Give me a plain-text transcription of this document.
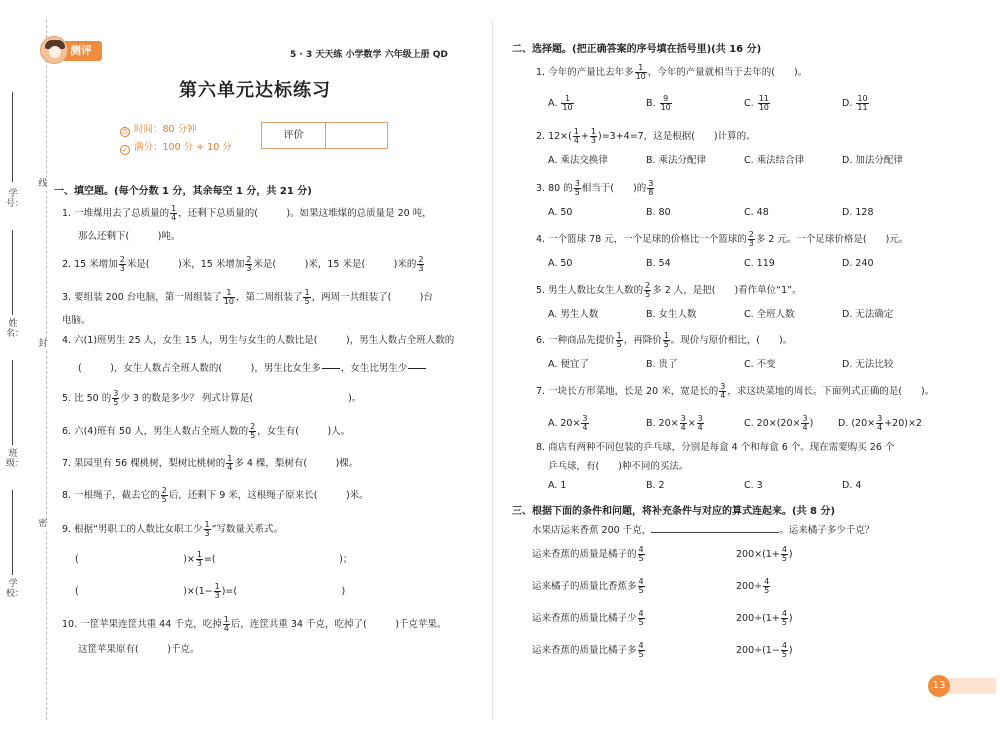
学号：
姓名：
班级：
学校：
线
封
密
测评卷
5 · 3 天天练 小学数学 六年级上册 QD
第六单元达标练习
⏱ 时间：80 分钟
✓ 满分：100 分 + 10 分
评价
一、填空题。(每个分数 1 分，其余每空 1 分，共 21 分)
1. 一堆煤用去了总质量的 $\frac{1}{4}$ ，还剩下总质量的(　　　)。如果这堆煤的总质量是 20 吨，
那么还剩下(　　　)吨。
2. 15 米增加 $\frac{2}{3}$ 米是(　　　)米，15 米增加 $\frac{2}{3}$ 米是(　　　)米，15 米是(　　　)米的 $\frac{2}{3}$
3. 要组装 200 台电脑，第一周组装了 $\frac{1}{10}$ ，第二周组装了 $\frac{1}{5}$ ，两周一共组装了(　　　)台
电脑。
4. 六(1)班男生 25 人，女生 15 人，男生与女生的人数比是(　　　)，男生人数占全班人数的
(　　　)，女生人数占全班人数的(　　　)，男生比女生多

　　 ，女生比男生少

5. 比 50 的 $\frac{3}{5}$ 少 3 的数是多少？ 列式计算是(　　　　　　　　　　)。
6. 六(4)班有 50 人，男生人数占全班人数的 $\frac{2}{5}$ ，女生有(　　　)人。
7. 果园里有 56 棵桃树，梨树比桃树的 $\frac{1}{4}$ 多 4 棵，梨树有(　　　)棵。
8. 一根绳子，截去它的 $\frac{2}{5}$ 后，还剩下 9 米，这根绳子原来长(　　　)米。
9. 根据“男职工的人数比女职工少 $\frac{1}{3}$ ”写数量关系式。
(　　　　　　　　　　　)× $\frac{1}{3}$ =(　　　　　　　　　　　　　)；
(　　　　　　　　　　　)$\times(1- \frac{1}{3}$ )=(　　　　　　　　　　　)
10. 一筐苹果连筐共重 44 千克，吃掉 $\frac{1}{4}$ 后，连筐共重 34 千克，吃掉了(　　　)千克苹果。
这筐苹果原有(　　　)千克。
二、选择题。(把正确答案的序号填在括号里)(共 16 分)
1. 今年的产量比去年多 $\frac{1}{10}$ ，今年的产量就相当于去年的(　　)。
A. $\frac{1}{10}$	B. $\frac{9}{10}$	C. $\frac{11}{10}$	D. $\frac{10}{11}$
2. $12\times( \frac{1}{4} + \frac{1}{3} )=3+4=7$，这是根据(　　)计算的。
A. 乘法交换律	B. 乘法分配律	C. 乘法结合律	D. 加法分配律
3. 80 的 $\frac{3}{5}$ 相当于(　　)的 $\frac{3}{8}$
A. 50	B. 80	C. 48	D. 128
4. 一个篮球 78 元，一个足球的价格比一个篮球的 $\frac{2}{3}$ 多 2 元。一个足球价格是(　　)元。
A. 50	B. 54	C. 119	D. 240
5. 男生人数比女生人数的 $\frac{2}{5}$ 多 2 人，是把(　　)看作单位“1”。
A. 男生人数	B. 女生人数	C. 全班人数	D. 无法确定
6. 一种商品先提价 $\frac{1}{5}$ ，再降价 $\frac{1}{5}$ 。现价与原价相比，(　　)。
A. 便宜了	B. 贵了	C. 不变	D. 无法比较
7. 一块长方形菜地，长是 20 米，宽是长的 $\frac{3}{4}$ ，求这块菜地的周长。下面列式正确的是(　　)。
A. $20\times \frac{3}{4}$	B. $20\times \frac{3}{4} \times \frac{3}{4}$	C. $20\times(20\times \frac{3}{4}$ )	D. $(20\times \frac{3}{4} +20)\times 2$
8. 商店有两种不同包装的乒乓球，分别是每盒 4 个和每盒 6 个。现在需要购买 26 个
乒乓球，有(　　)种不同的买法。
A. 1	B. 2	C. 3	D. 4
三、根据下面的条件和问题，将补充条件与对应的算式连起来。(共 8 分)
水果店运来香蕉 200 千克，	。运来橘子多少千克？
运来香蕉的质量是橘子的 $\frac{4}{5}$
运来橘子的质量比香蕉多 $\frac{4}{5}$
运来香蕉的质量比橘子少 $\frac{4}{5}$
运来香蕉的质量比橘子多 $\frac{4}{5}$
$200\times(1+ \frac{4}{5}$ )
$200\div \frac{4}{5}$
$200\div(1+ \frac{4}{5}$ )
$200\div(1- \frac{4}{5}$ )
13
